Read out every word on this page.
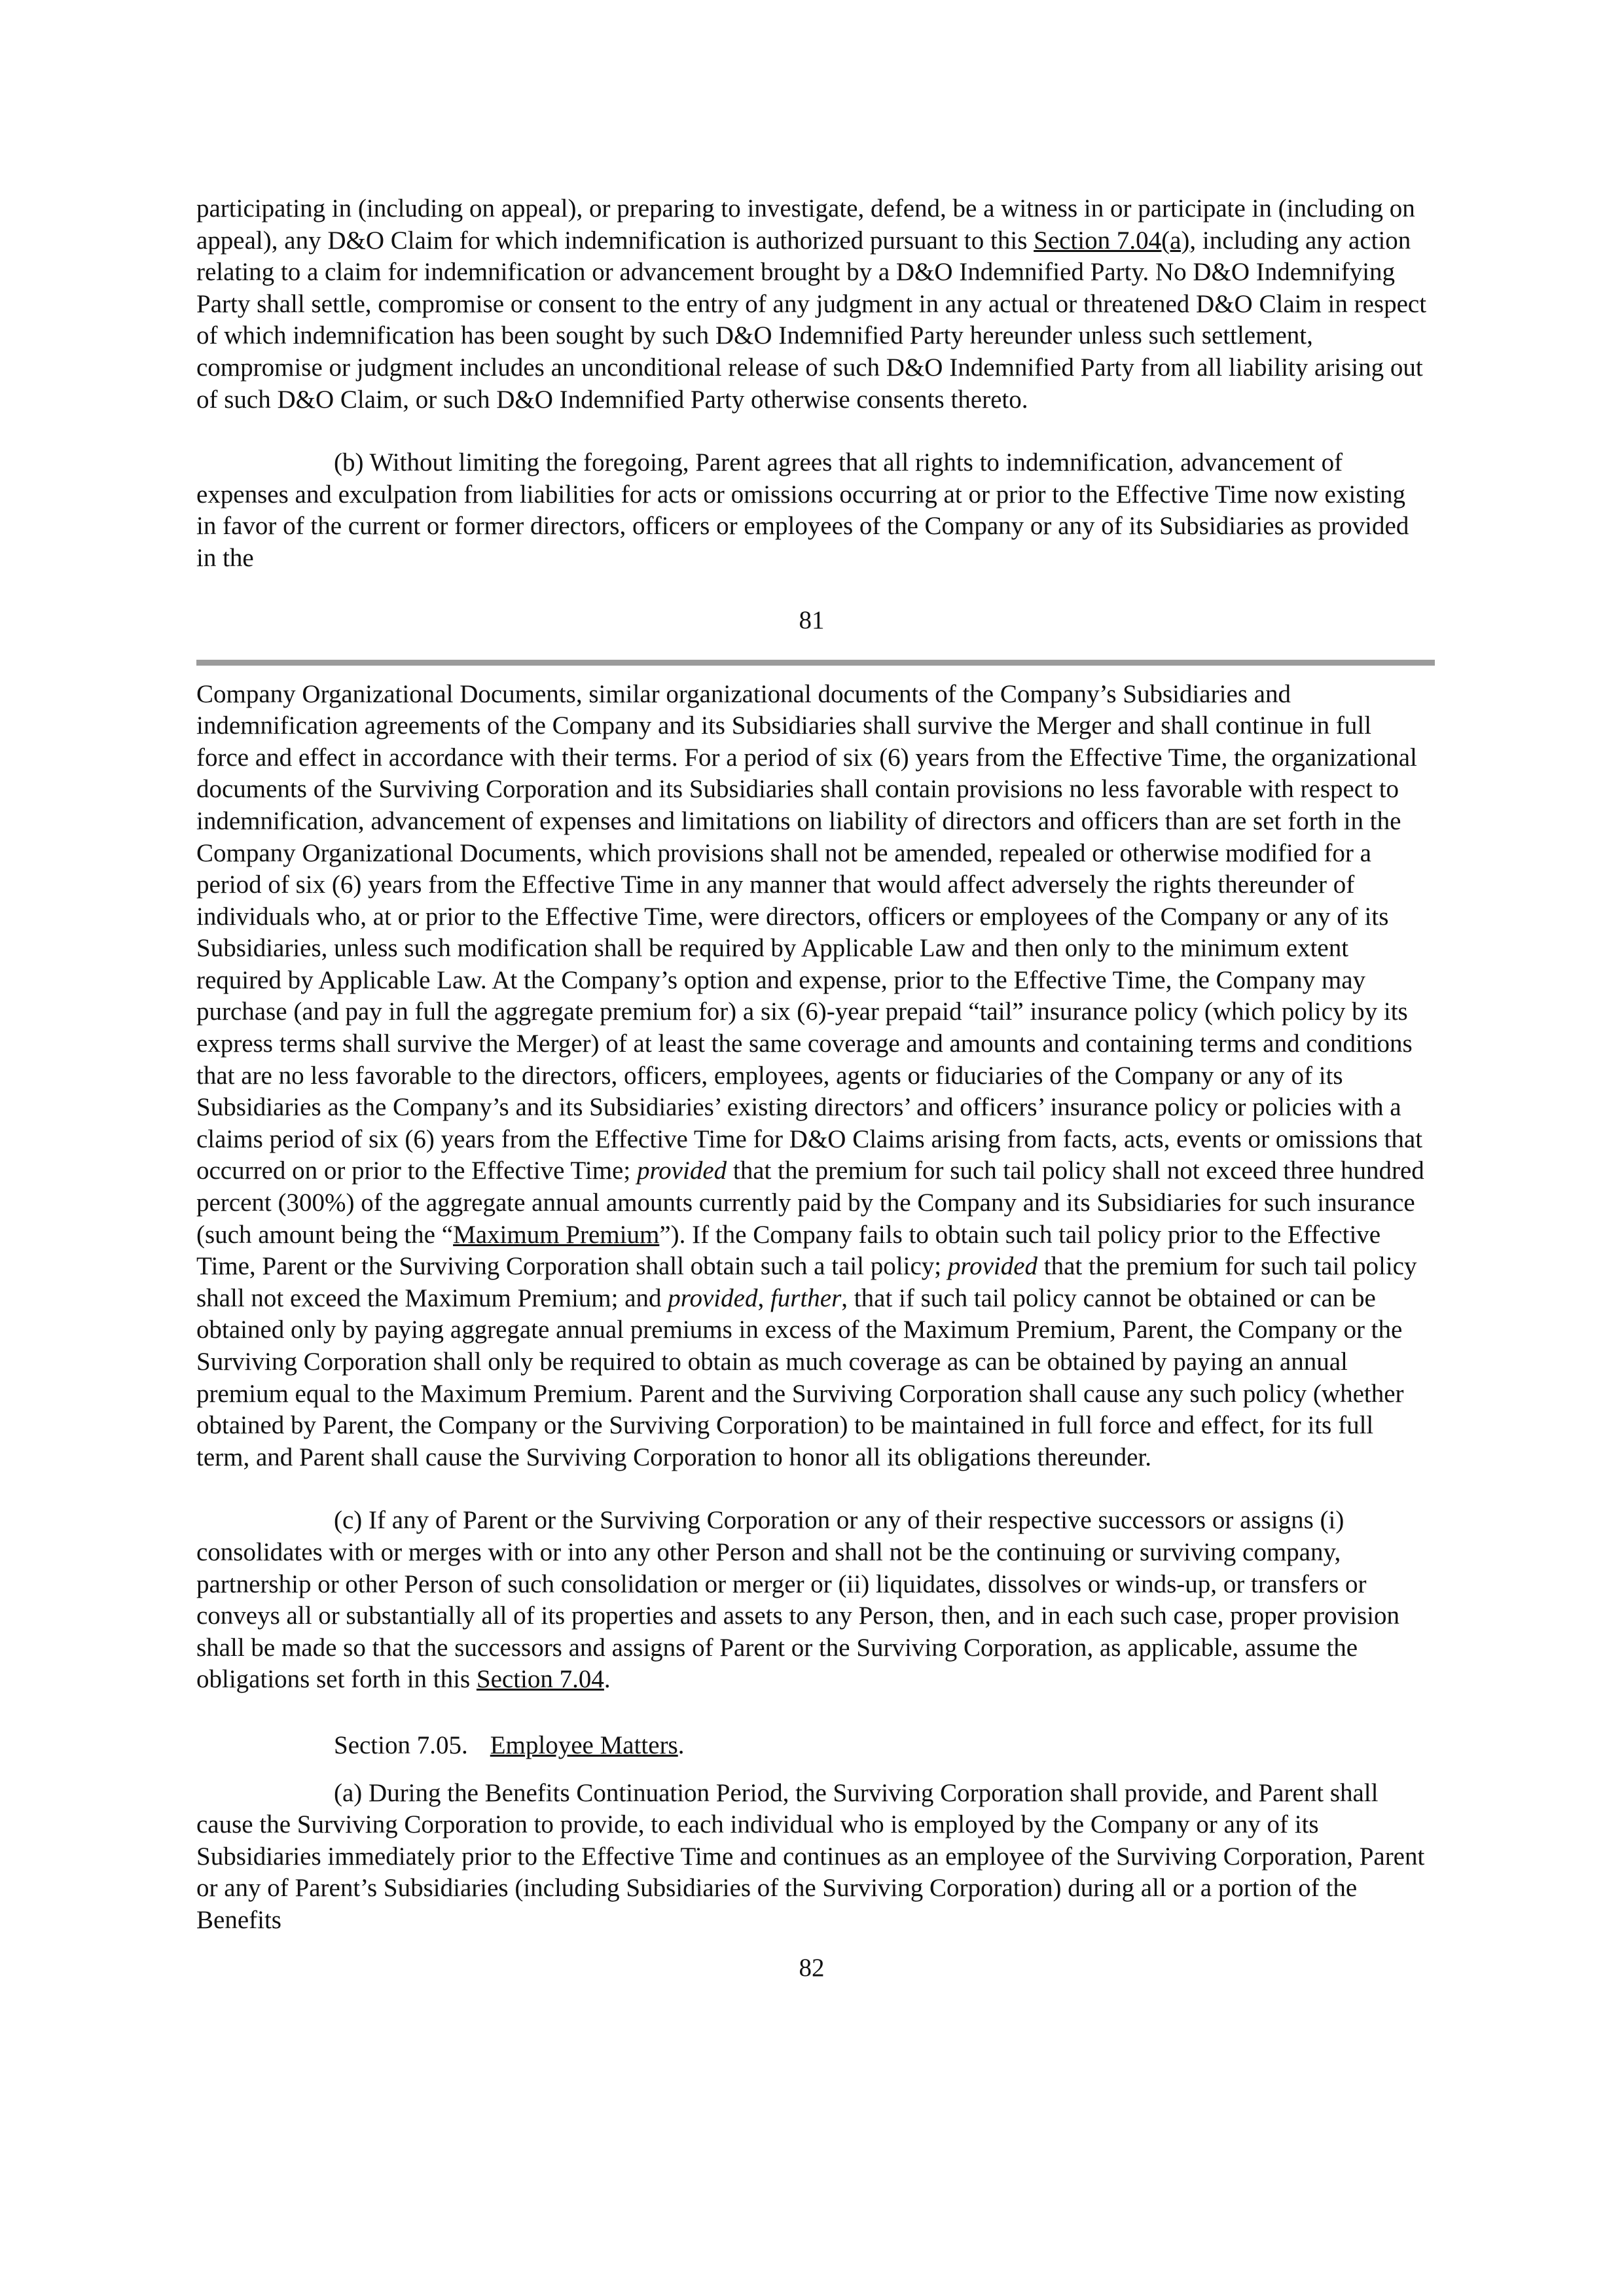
participating in (including on appeal), or preparing to investigate, defend, be a witness in or participate in (including on appeal), any D&O Claim for which indemnification is authorized pursuant to this Section 7.04(a), including any action relating to a claim for indemnification or advancement brought by a D&O Indemnified Party. No D&O Indemnifying Party shall settle, compromise or consent to the entry of any judgment in any actual or threatened D&O Claim in respect of which indemnification has been sought by such D&O Indemnified Party hereunder unless such settlement, compromise or judgment includes an unconditional release of such D&O Indemnified Party from all liability arising out of such D&O Claim, or such D&O Indemnified Party otherwise consents thereto.

(b) Without limiting the foregoing, Parent agrees that all rights to indemnification, advancement of expenses and exculpation from liabilities for acts or omissions occurring at or prior to the Effective Time now existing in favor of the current or former directors, officers or employees of the Company or any of its Subsidiaries as provided in the

81

Company Organizational Documents, similar organizational documents of the Company’s Subsidiaries and indemnification agreements of the Company and its Subsidiaries shall survive the Merger and shall continue in full force and effect in accordance with their terms. For a period of six (6) years from the Effective Time, the organizational documents of the Surviving Corporation and its Subsidiaries shall contain provisions no less favorable with respect to indemnification, advancement of expenses and limitations on liability of directors and officers than are set forth in the Company Organizational Documents, which provisions shall not be amended, repealed or otherwise modified for a period of six (6) years from the Effective Time in any manner that would affect adversely the rights thereunder of individuals who, at or prior to the Effective Time, were directors, officers or employees of the Company or any of its Subsidiaries, unless such modification shall be required by Applicable Law and then only to the minimum extent required by Applicable Law. At the Company’s option and expense, prior to the Effective Time, the Company may purchase (and pay in full the aggregate premium for) a six (6)-year prepaid “tail” insurance policy (which policy by its express terms shall survive the Merger) of at least the same coverage and amounts and containing terms and conditions that are no less favorable to the directors, officers, employees, agents or fiduciaries of the Company or any of its Subsidiaries as the Company’s and its Subsidiaries’ existing directors’ and officers’ insurance policy or policies with a claims period of six (6) years from the Effective Time for D&O Claims arising from facts, acts, events or omissions that occurred on or prior to the Effective Time; provided that the premium for such tail policy shall not exceed three hundred percent (300%) of the aggregate annual amounts currently paid by the Company and its Subsidiaries for such insurance (such amount being the “Maximum Premium”). If the Company fails to obtain such tail policy prior to the Effective Time, Parent or the Surviving Corporation shall obtain such a tail policy; provided that the premium for such tail policy shall not exceed the Maximum Premium; and provided, further, that if such tail policy cannot be obtained or can be obtained only by paying aggregate annual premiums in excess of the Maximum Premium, Parent, the Company or the Surviving Corporation shall only be required to obtain as much coverage as can be obtained by paying an annual premium equal to the Maximum Premium. Parent and the Surviving Corporation shall cause any such policy (whether obtained by Parent, the Company or the Surviving Corporation) to be maintained in full force and effect, for its full term, and Parent shall cause the Surviving Corporation to honor all its obligations thereunder.

(c) If any of Parent or the Surviving Corporation or any of their respective successors or assigns (i) consolidates with or merges with or into any other Person and shall not be the continuing or surviving company, partnership or other Person of such consolidation or merger or (ii) liquidates, dissolves or winds-up, or transfers or conveys all or substantially all of its properties and assets to any Person, then, and in each such case, proper provision shall be made so that the successors and assigns of Parent or the Surviving Corporation, as applicable, assume the obligations set forth in this Section 7.04.

Section 7.05. Employee Matters.

(a) During the Benefits Continuation Period, the Surviving Corporation shall provide, and Parent shall cause the Surviving Corporation to provide, to each individual who is employed by the Company or any of its Subsidiaries immediately prior to the Effective Time and continues as an employee of the Surviving Corporation, Parent or any of Parent’s Subsidiaries (including Subsidiaries of the Surviving Corporation) during all or a portion of the Benefits

82
